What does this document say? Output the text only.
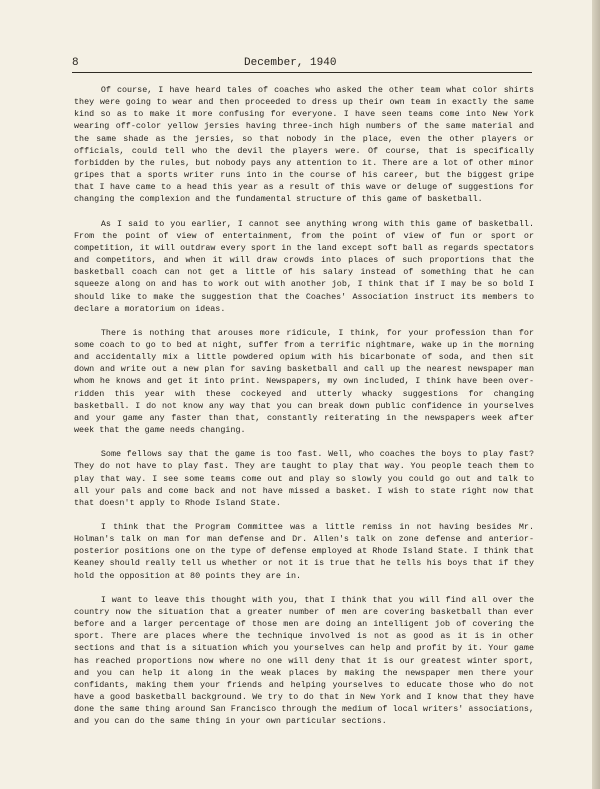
8	December, 1940

Of course, I have heard tales of coaches who asked the other team what color shirts they were going to wear and then proceeded to dress up their own team in exactly the same kind so as to make it more confusing for everyone. I have seen teams come into New York wearing off-color yellow jersies having three-inch high numbers of the same material and the same shade as the jersies, so that nobody in the place, even the other players or officials, could tell who the devil the players were. Of course, that is specifically forbidden by the rules, but nobody pays any attention to it. There are a lot of other minor gripes that a sports writer runs into in the course of his career, but the biggest gripe that I have came to a head this year as a result of this wave or deluge of suggestions for changing the complexion and the fundamental structure of this game of basketball.

As I said to you earlier, I cannot see anything wrong with this game of basketball. From the point of view of entertainment, from the point of view of fun or sport or competition, it will outdraw every sport in the land except soft ball as regards spectators and competitors, and when it will draw crowds into places of such proportions that the basketball coach can not get a little of his salary instead of something that he can squeeze along on and has to work out with another job, I think that if I may be so bold I should like to make the suggestion that the Coaches' Association instruct its members to declare a moratorium on ideas.

There is nothing that arouses more ridicule, I think, for your profession than for some coach to go to bed at night, suffer from a terrific nightmare, wake up in the morning and accidentally mix a little powdered opium with his bicarbonate of soda, and then sit down and write out a new plan for saving basketball and call up the nearest newspaper man whom he knows and get it into print. Newspapers, my own included, I think have been over-ridden this year with these cockeyed and utterly whacky suggestions for changing basketball. I do not know any way that you can break down public confidence in yourselves and your game any faster than that, constantly reiterating in the newspapers week after week that the game needs changing.

Some fellows say that the game is too fast. Well, who coaches the boys to play fast? They do not have to play fast. They are taught to play that way. You people teach them to play that way. I see some teams come out and play so slowly you could go out and talk to all your pals and come back and not have missed a basket. I wish to state right now that that doesn't apply to Rhode Island State.

I think that the Program Committee was a little remiss in not having besides Mr. Holman's talk on man for man defense and Dr. Allen's talk on zone defense and anterior-posterior positions one on the type of defense employed at Rhode Island State. I think that Keaney should really tell us whether or not it is true that he tells his boys that if they hold the opposition at 80 points they are in.

I want to leave this thought with you, that I think that you will find all over the country now the situation that a greater number of men are covering basketball than ever before and a larger percentage of those men are doing an intelligent job of covering the sport. There are places where the technique involved is not as good as it is in other sections and that is a situation which you yourselves can help and profit by it. Your game has reached proportions now where no one will deny that it is our greatest winter sport, and you can help it along in the weak places by making the newspaper men there your confidants, making them your friends and helping yourselves to educate those who do not have a good basketball background. We try to do that in New York and I know that they have done the same thing around San Francisco through the medium of local writers' associations, and you can do the same thing in your own particular sections.
